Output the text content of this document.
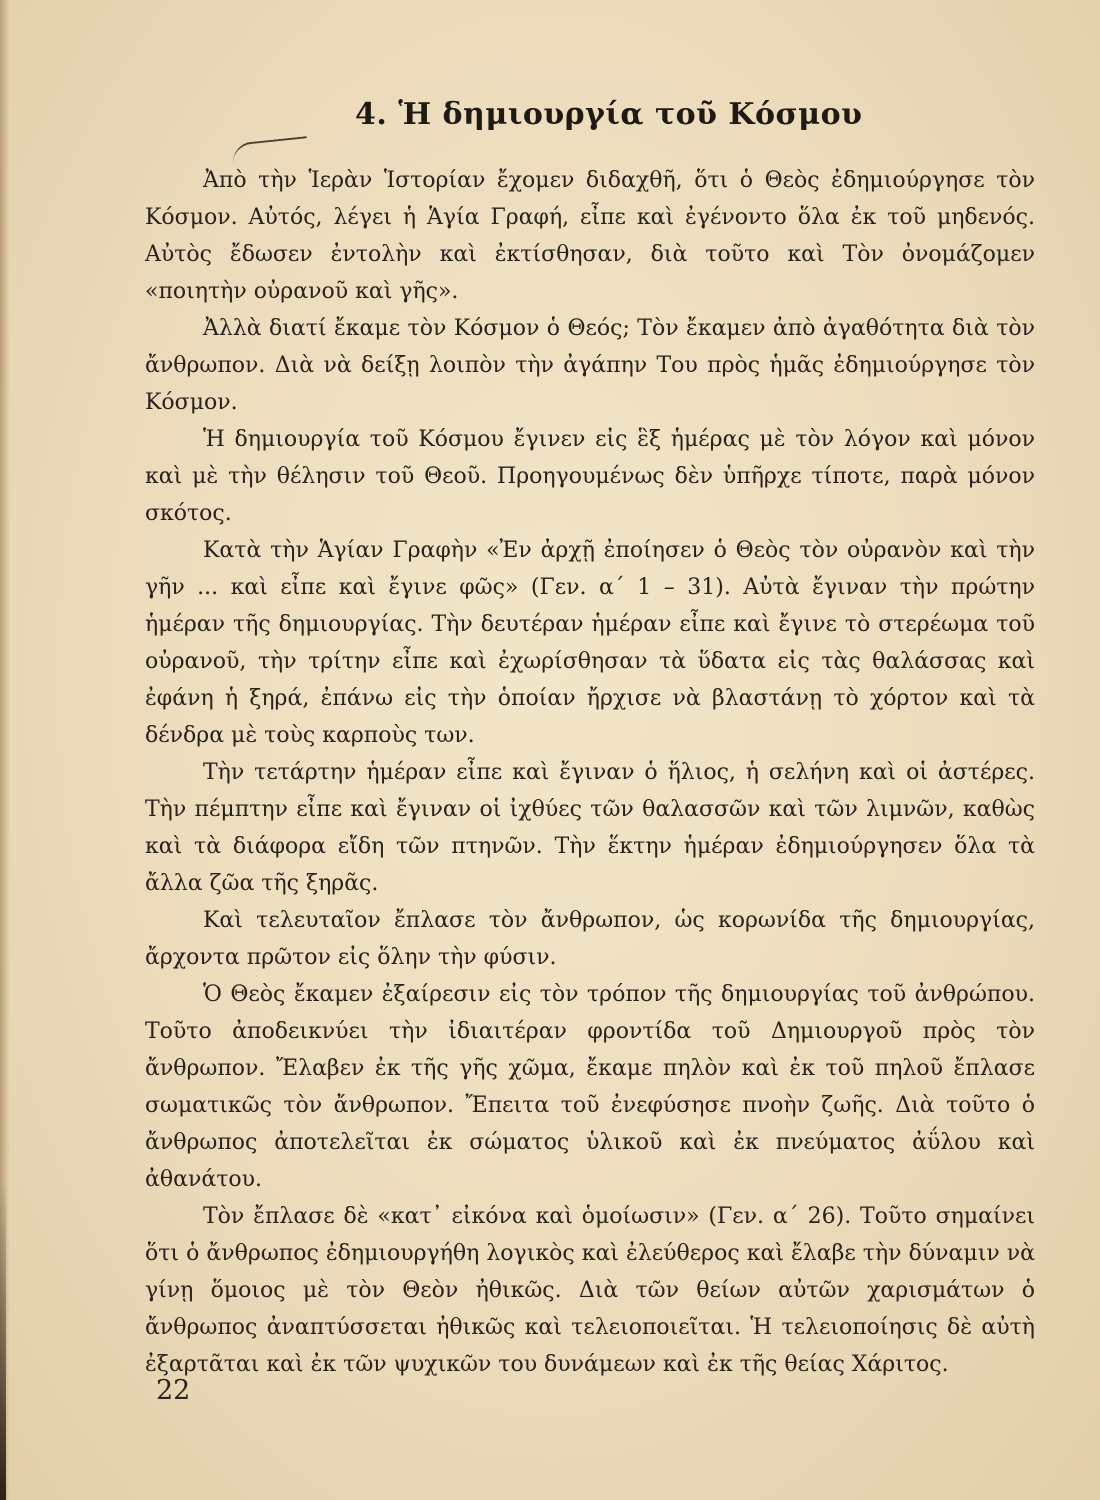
4. Ἡ δημιουργία τοῦ Κόσμου

Ἀπὸ τὴν Ἱερὰν Ἱστορίαν ἔχομεν διδαχθῆ, ὅτι ὁ Θεὸς ἐδημιούργησε τὸν Κόσμον. Αὐτός, λέγει ἡ Ἁγία Γραφή, εἶπε καὶ ἐγένοντο ὅλα ἐκ τοῦ μηδενός. Αὐτὸς ἔδωσεν ἐντολὴν καὶ ἐκτίσθησαν, διὰ τοῦτο καὶ Τὸν ὀνομάζομεν «ποιητὴν οὐρανοῦ καὶ γῆς».

Ἀλλὰ διατί ἔκαμε τὸν Κόσμον ὁ Θεός; Τὸν ἔκαμεν ἀπὸ ἀγαθότητα διὰ τὸν ἄνθρωπον. Διὰ νὰ δείξῃ λοιπὸν τὴν ἀγάπην Του πρὸς ἡμᾶς ἐδημιούργησε τὸν Κόσμον.

Ἡ δημιουργία τοῦ Κόσμου ἔγινεν εἰς ἓξ ἡμέρας μὲ τὸν λόγον καὶ μόνον καὶ μὲ τὴν θέλησιν τοῦ Θεοῦ. Προηγουμένως δὲν ὑπῆρχε τίποτε, παρὰ μόνον σκότος.

Κατὰ τὴν Ἁγίαν Γραφὴν «Ἐν ἀρχῇ ἐποίησεν ὁ Θεὸς τὸν οὐρανὸν καὶ τὴν γῆν ... καὶ εἶπε καὶ ἔγινε φῶς» (Γεν. α΄ 1 – 31). Αὐτὰ ἔγιναν τὴν πρώτην ἡμέραν τῆς δημιουργίας. Τὴν δευτέραν ἡμέραν εἶπε καὶ ἔγινε τὸ στερέωμα τοῦ οὐρανοῦ, τὴν τρίτην εἶπε καὶ ἐχωρίσθησαν τὰ ὕδατα εἰς τὰς θαλάσσας καὶ ἐφάνη ἡ ξηρά, ἐπάνω εἰς τὴν ὁποίαν ἤρχισε νὰ βλαστάνῃ τὸ χόρτον καὶ τὰ δένδρα μὲ τοὺς καρποὺς των.

Τὴν τετάρτην ἡμέραν εἶπε καὶ ἔγιναν ὁ ἥλιος, ἡ σελήνη καὶ οἱ ἀστέρες. Τὴν πέμπτην εἶπε καὶ ἔγιναν οἱ ἰχθύες τῶν θαλασσῶν καὶ τῶν λιμνῶν, καθὼς καὶ τὰ διάφορα εἴδη τῶν πτηνῶν. Τὴν ἕκτην ἡμέραν ἐδημιούργησεν ὅλα τὰ ἄλλα ζῶα τῆς ξηρᾶς.

Καὶ τελευταῖον ἔπλασε τὸν ἄνθρωπον, ὡς κορωνίδα τῆς δημιουργίας, ἄρχοντα πρῶτον εἰς ὅλην τὴν φύσιν.

Ὁ Θεὸς ἔκαμεν ἐξαίρεσιν εἰς τὸν τρόπον τῆς δημιουργίας τοῦ ἀνθρώπου. Τοῦτο ἀποδεικνύει τὴν ἰδιαιτέραν φροντίδα τοῦ Δημιουργοῦ πρὸς τὸν ἄνθρωπον. Ἔλαβεν ἐκ τῆς γῆς χῶμα, ἔκαμε πηλὸν καὶ ἐκ τοῦ πηλοῦ ἔπλασε σωματικῶς τὸν ἄνθρωπον. Ἔπειτα τοῦ ἐνεφύσησε πνοὴν ζωῆς. Διὰ τοῦτο ὁ ἄνθρωπος ἀποτελεῖται ἐκ σώματος ὑλικοῦ καὶ ἐκ πνεύματος ἀΰλου καὶ ἀθανάτου.

Τὸν ἔπλασε δὲ «κατ᾿ εἰκόνα καὶ ὁμοίωσιν» (Γεν. α΄ 26). Τοῦτο σημαίνει ὅτι ὁ ἄνθρωπος ἐδημιουργήθη λογικὸς καὶ ἐλεύθερος καὶ ἔλαβε τὴν δύναμιν νὰ γίνῃ ὅμοιος μὲ τὸν Θεὸν ἠθικῶς. Διὰ τῶν θείων αὐτῶν χαρισμάτων ὁ ἄνθρωπος ἀναπτύσσεται ἠθικῶς καὶ τελειοποιεῖται. Ἡ τελειοποίησις δὲ αὐτὴ ἐξαρτᾶται καὶ ἐκ τῶν ψυχικῶν του δυνάμεων καὶ ἐκ τῆς θείας Χάριτος.

22
